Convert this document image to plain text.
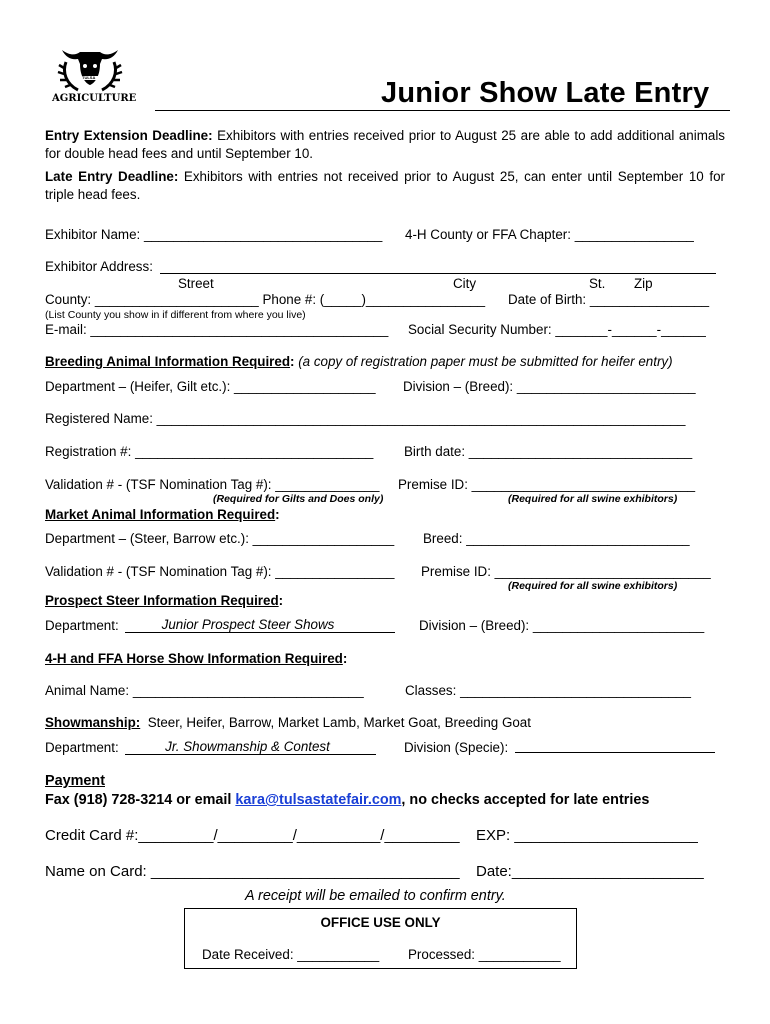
TULSA
AGRICULTURE	Junior Show Late Entry
Entry Extension Deadline: Exhibitors with entries received prior to August 25 are able to add additional animals for double head fees and until September 10.
Late Entry Deadline: Exhibitors with entries not received prior to August 25, can enter until September 10 for triple head fees.
Exhibitor Name: ________________________________ 4-H County or FFA Chapter: ________________
Exhibitor Address:
Street	City	St. Zip
County: ______________________ Phone #: (_____)________________ Date of Birth: ________________
(List County you show in if different from where you live)
E-mail: ________________________________________ Social Security Number: _______-______-______
Breeding Animal Information Required: (a copy of registration paper must be submitted for heifer entry)
Department – (Heifer, Gilt etc.): ___________________ Division – (Breed): ________________________
Registered Name: _______________________________________________________________________
Registration #: ________________________________ Birth date: ______________________________
Validation # - (TSF Nomination Tag #): ______________ Premise ID: ______________________________
(Required for Gilts and Does only)	(Required for all swine exhibitors)
Market Animal Information Required:
Department – (Steer, Barrow etc.): ___________________ Breed: ______________________________
Validation # - (TSF Nomination Tag #): ________________ Premise ID: _____________________________
(Required for all swine exhibitors)
Prospect Steer Information Required:
Department:	Junior Prospect Steer Shows	Division – (Breed): _______________________
4-H and FFA Horse Show Information Required:
Animal Name: _______________________________	Classes: _______________________________
Showmanship: Steer, Heifer, Barrow, Market Lamb, Market Goat, Breeding Goat
Department:	Jr. Showmanship & Contest	Division (Specie):
Payment
Fax (918) 728-3214 or email kara@tulsastatefair.com, no checks accepted for late entries
Credit Card #:_________/_________/__________/_________ EXP: ______________________
Name on Card: _____________________________________ Date:_______________________
A receipt will be emailed to confirm entry.
OFFICE USE ONLY
Date Received: ___________ Processed: ___________
